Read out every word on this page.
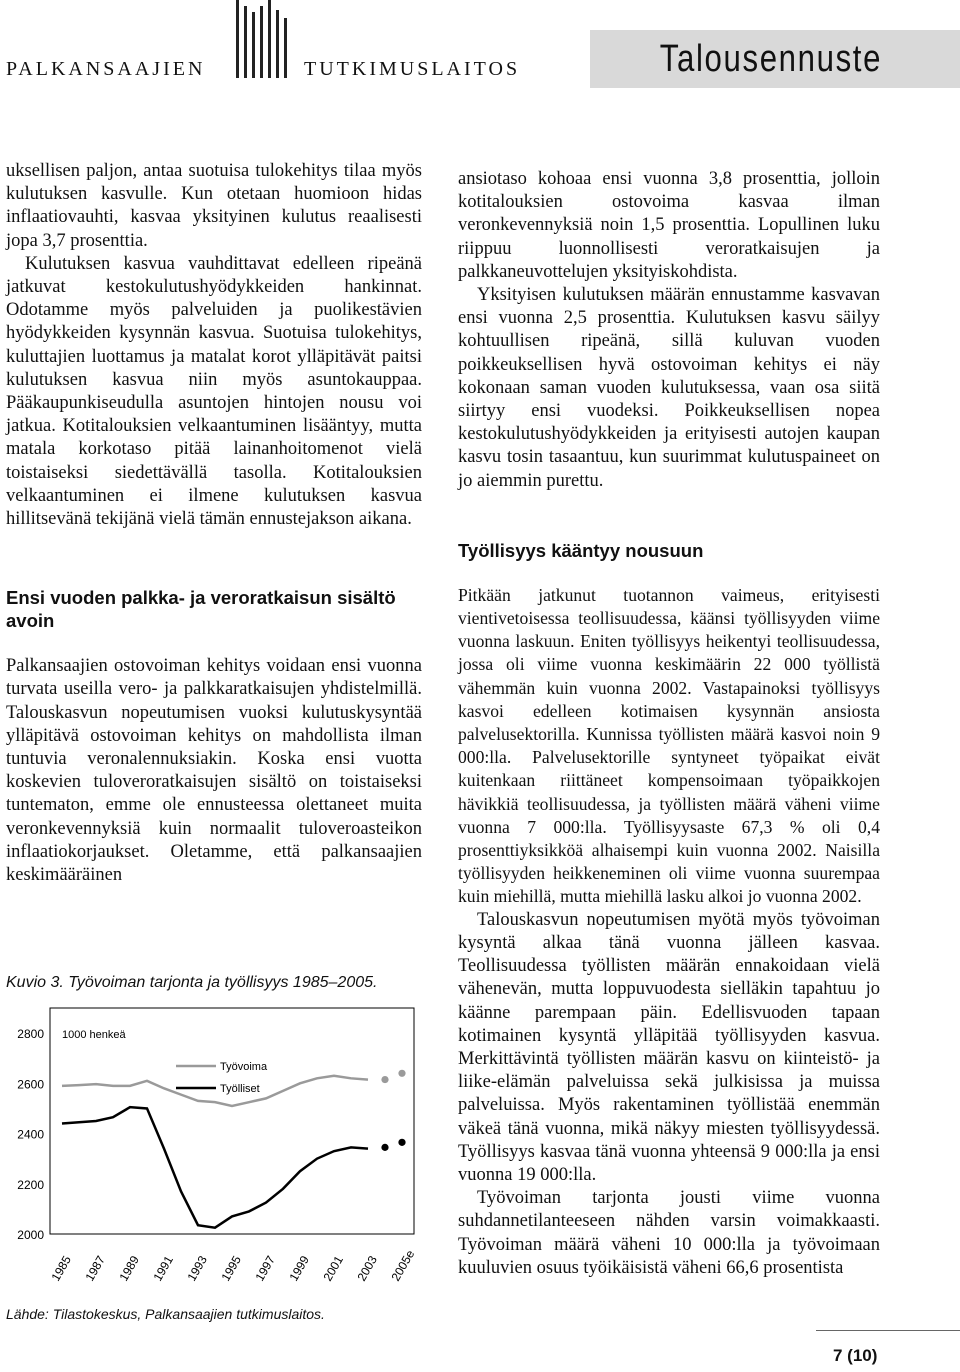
PALKANSAAJIEN	TUTKIMUSLAITOS	Talousennuste

uksellisen paljon, antaa suotuisa tulokehitys tilaa myös kulutuksen kasvulle. Kun otetaan huomioon hidas inflaatiovauhti, kasvaa yksityinen kulutus reaalisesti jopa 3,7 prosenttia.

Kulutuksen kasvua vauhdittavat edelleen ripeänä jatkuvat kestokulutushyödykkeiden hankinnat. Odotamme myös palveluiden ja puolikestävien hyödykkeiden kysynnän kasvua. Suotuisa tulokehitys, kuluttajien luottamus ja matalat korot ylläpitävät paitsi kulutuksen kasvua niin myös asuntokauppaa. Pääkaupunkiseudulla asuntojen hintojen nousu voi jatkua. Kotitalouksien velkaantuminen lisääntyy, mutta matala korkotaso pitää lainanhoitomenot vielä toistaiseksi siedettävällä tasolla. Kotitalouksien velkaantuminen ei ilmene kulutuksen kasvua hillitsevänä tekijänä vielä tämän ennustejakson aikana.

Ensi vuoden palkka- ja veroratkaisun sisältö avoin

Palkansaajien ostovoiman kehitys voidaan ensi vuonna turvata useilla vero- ja palkkaratkaisujen yhdistelmillä. Talouskasvun nopeutumisen vuoksi kulutuskysyntää ylläpitävä ostovoiman kehitys on mahdollista ilman tuntuvia veronalennuksiakin. Koska ensi vuotta koskevien tuloveroratkaisujen sisältö on toistaiseksi tuntematon, emme ole ennusteessa olettaneet muita veronkevennyksiä kuin normaalit tuloveroasteikon inflaatiokorjaukset. Oletamme, että palkansaajien keskimääräinen

Kuvio 3. Työvoiman tarjonta ja työllisyys 1985–2005.
2000
2200
2400
2600
2800 1000 henkeä
1985 1987 1989 1991 1993 1995 1997 1999 2001 2003 2005e
Työvoima
Työlliset
Lähde: Tilastokeskus, Palkansaajien tutkimuslaitos.

ansiotaso kohoaa ensi vuonna 3,8 prosenttia, jolloin kotitalouksien ostovoima kasvaa ilman veronkevennyksiä noin 1,5 prosenttia. Lopullinen luku riippuu luonnollisesti veroratkaisujen ja palkkaneuvottelujen yksityiskohdista.

Yksityisen kulutuksen määrän ennustamme kasvavan ensi vuonna 2,5 prosenttia. Kulutuksen kasvu säilyy kohtuullisen ripeänä, sillä kuluvan vuoden poikkeuksellisen hyvä ostovoiman kehitys ei näy kokonaan saman vuoden kulutuksessa, vaan osa siitä siirtyy ensi vuodeksi. Poikkeuksellisen nopea kestokulutushyödykkeiden ja erityisesti autojen kaupan kasvu tosin tasaantuu, kun suurimmat kulutuspaineet on jo aiemmin purettu.

Työllisyys kääntyy nousuun

Pitkään jatkunut tuotannon vaimeus, erityisesti vientivetoisessa teollisuudessa, käänsi työllisyyden viime vuonna laskuun. Eniten työllisyys heikentyi teollisuudessa, jossa oli viime vuonna keskimäärin 22 000 työllistä vähemmän kuin vuonna 2002. Vastapainoksi työllisyys kasvoi edelleen kotimaisen kysynnän ansiosta palvelusektorilla. Kunnissa työllisten määrä kasvoi noin 9 000:lla. Palvelusektorille syntyneet työpaikat eivät kuitenkaan riittäneet kompensoimaan työpaikkojen hävikkiä teollisuudessa, ja työllisten määrä väheni viime vuonna 7 000:lla. Työllisyysaste 67,3 % oli 0,4 prosenttiyksikköä alhaisempi kuin vuonna 2002. Naisilla työllisyyden heikkeneminen oli viime vuonna suurempaa kuin miehillä, mutta miehillä lasku alkoi jo vuonna 2002.

Talouskasvun nopeutumisen myötä myös työvoiman kysyntä alkaa tänä vuonna jälleen kasvaa. Teollisuudessa työllisten määrän ennakoidaan vielä vähenevän, mutta loppuvuodesta sielläkin tapahtuu jo käänne parempaan päin. Edellisvuoden tapaan kotimainen kysyntä ylläpitää työllisyyden kasvua. Merkittävintä työllisten määrän kasvu on kiinteistö- ja liike-elämän palveluissa sekä julkisissa ja muissa palveluissa. Myös rakentaminen työllistää enemmän väkeä tänä vuonna, mikä näkyy miesten työllisyydessä. Työllisyys kasvaa tänä vuonna yhteensä 9 000:lla ja ensi vuonna 19 000:lla.

Työvoiman tarjonta jousti viime vuonna suhdannetilanteeseen nähden varsin voimakkaasti. Työvoiman määrä väheni 10 000:lla ja työvoimaan kuuluvien osuus työikäisistä väheni 66,6 prosentista

7 (10)
